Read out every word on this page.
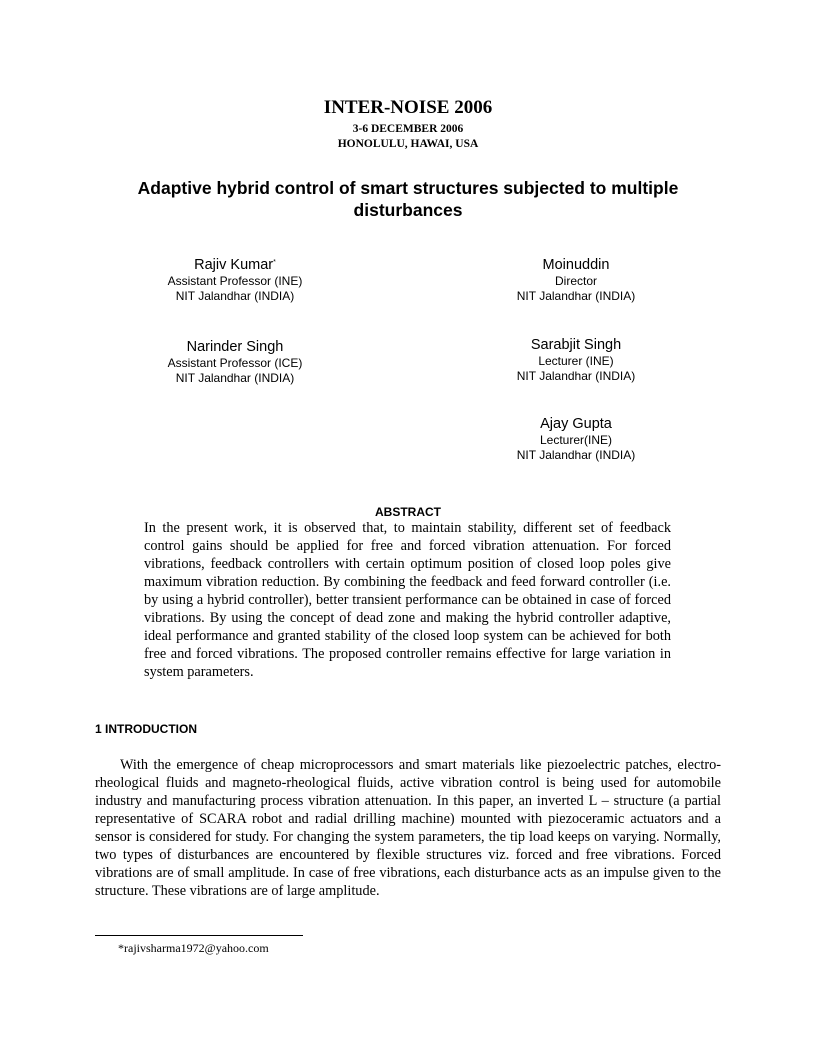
INTER-NOISE 2006
3-6 DECEMBER 2006
HONOLULU, HAWAI, USA
Adaptive hybrid control of smart structures subjected to multiple disturbances
Rajiv Kumar*
Assistant Professor (INE)
NIT Jalandhar (INDIA)
Moinuddin
Director
NIT Jalandhar (INDIA)
Narinder Singh
Assistant Professor (ICE)
NIT Jalandhar (INDIA)
Sarabjit Singh
Lecturer (INE)
NIT Jalandhar (INDIA)
Ajay Gupta
Lecturer(INE)
NIT Jalandhar (INDIA)
ABSTRACT
In the present work, it is observed that, to maintain stability, different set of feedback control gains should be applied for free and forced vibration attenuation. For forced vibrations, feedback controllers with certain optimum position of closed loop poles give maximum vibration reduction. By combining the feedback and feed forward controller (i.e. by using a hybrid controller), better transient performance can be obtained in case of forced vibrations. By using the concept of dead zone and making the hybrid controller adaptive, ideal performance and granted stability of the closed loop system can be achieved for both free and forced vibrations. The proposed controller remains effective for large variation in system parameters.
1 INTRODUCTION
With the emergence of cheap microprocessors and smart materials like piezoelectric patches, electro-rheological fluids and magneto-rheological fluids, active vibration control is being used for automobile industry and manufacturing process vibration attenuation. In this paper, an inverted L – structure (a partial representative of SCARA robot and radial drilling machine) mounted with piezoceramic actuators and a sensor is considered for study. For changing the system parameters, the tip load keeps on varying. Normally, two types of disturbances are encountered by flexible structures viz. forced and free vibrations. Forced vibrations are of small amplitude. In case of free vibrations, each disturbance acts as an impulse given to the structure. These vibrations are of large amplitude.
*rajivsharma1972@yahoo.com
